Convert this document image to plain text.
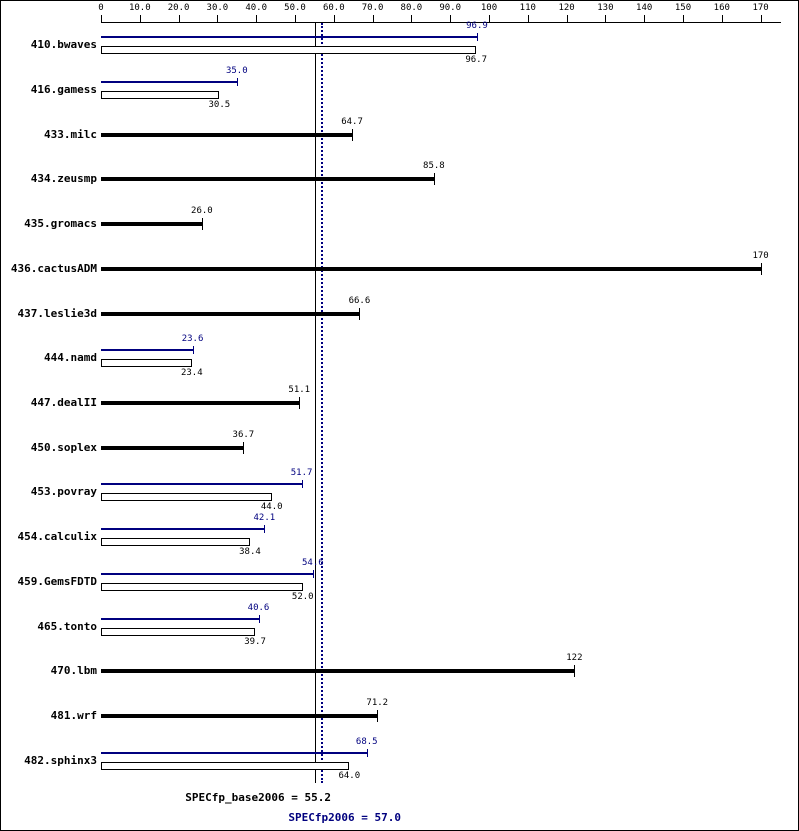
0	10.0 20.0 30.0 40.0 50.0 60.0 70.0 80.0 90.0 100	110	120	130	140	150	160	170
410.bwaves
96.9
96.7
416.gamess
35.0
30.5
433.milc
64.7
434.zeusmp
85.8
435.gromacs
26.0
436.cactusADM
170
437.leslie3d
66.6
444.namd
23.6
23.4
447.dealII
51.1
450.soplex
36.7
453.povray
51.7
44.0
454.calculix
42.1
38.4
459.GemsFDTD
54.6
52.0
465.tonto
40.6
39.7
470.lbm
122
481.wrf
71.2
482.sphinx3
68.5
64.0
SPECfp_base2006 = 55.2
SPECfp2006 = 57.0
